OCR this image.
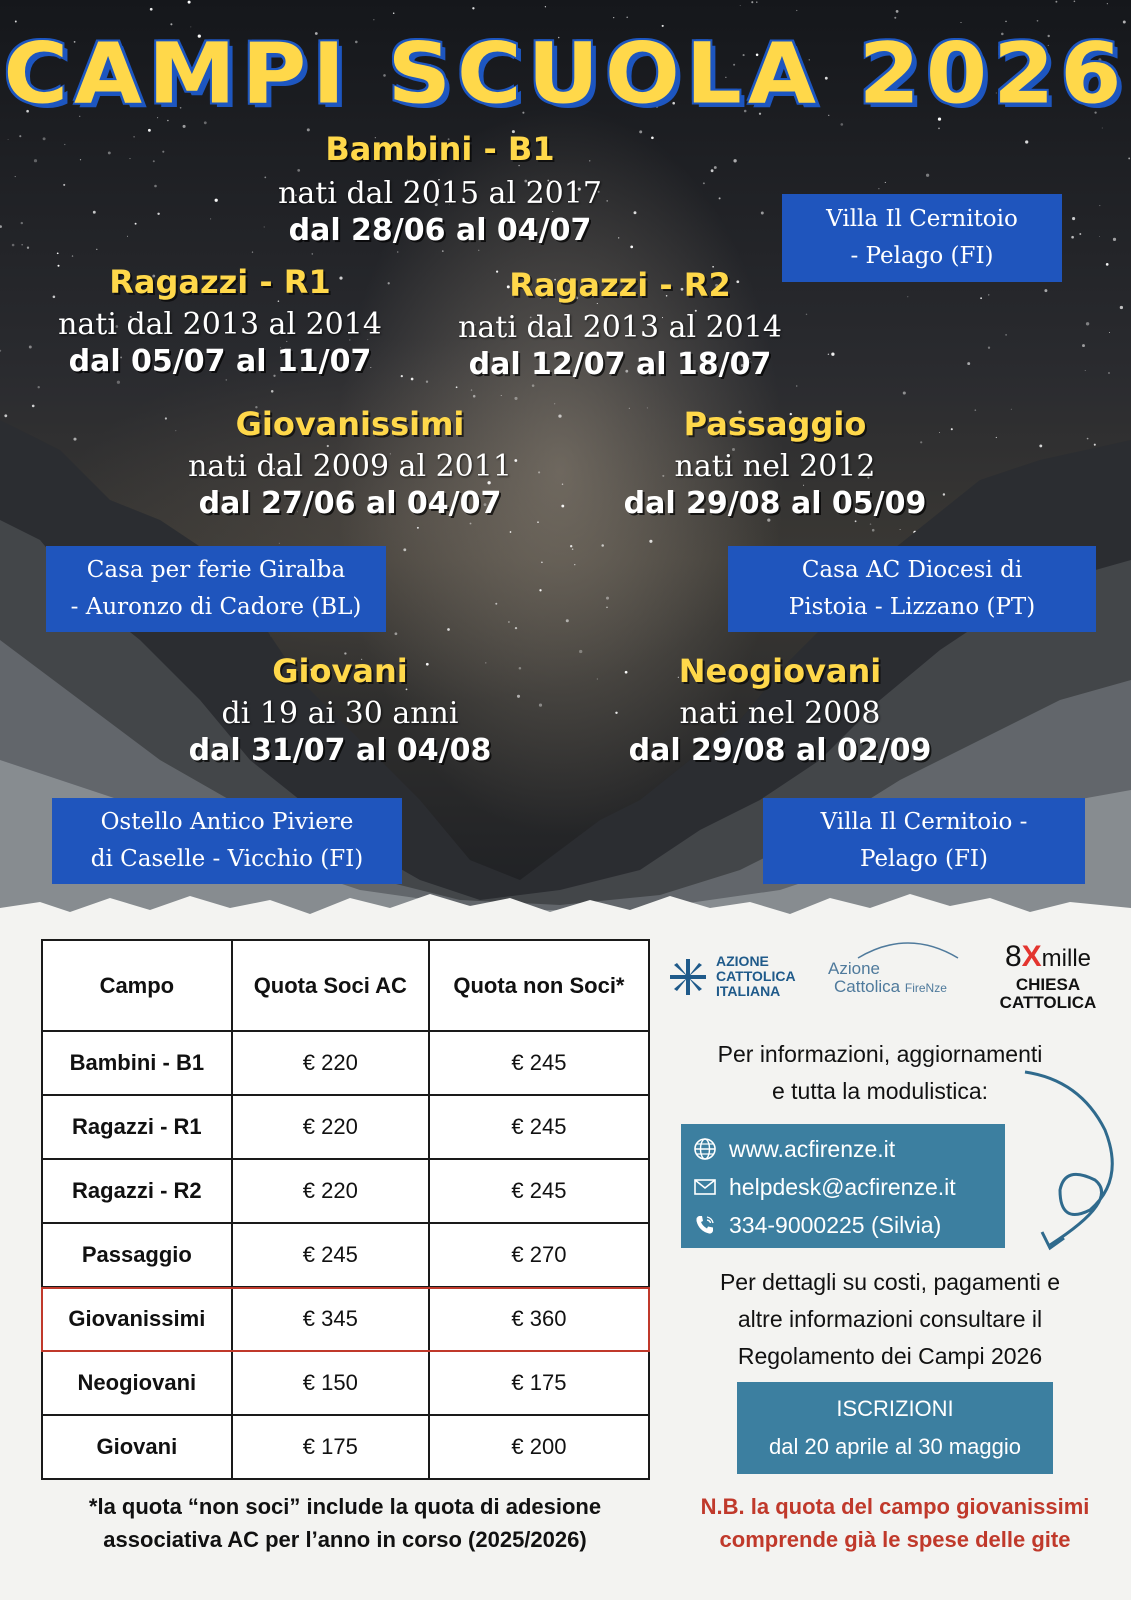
CAMPI SCUOLA 2026
Bambini - B1
nati dal 2015 al 2017
dal 28/06 al 04/07	Villa Il Cernitoio
- Pelago (FI)
Ragazzi - R1
nati dal 2013 al 2014
dal 05/07 al 11/07
Ragazzi - R2
nati dal 2013 al 2014
dal 12/07 al 18/07
Giovanissimi
nati dal 2009 al 2011
dal 27/06 al 04/07
Passaggio
nati nel 2012
dal 29/08 al 05/09
Casa per ferie Giralba
- Auronzo di Cadore (BL)
Casa AC Diocesi di
Pistoia - Lizzano (PT)
Giovani
di 19 ai 30 anni
dal 31/07 al 04/08
Neogiovani
nati nel 2008
dal 29/08 al 02/09
Ostello Antico Piviere
di Caselle - Vicchio (FI)
Villa Il Cernitoio -
Pelago (FI)
Campo	Quota Soci AC	Quota non Soci*
Bambini - B1	€ 220	€ 245
Ragazzi - R1	€ 220	€ 245
Ragazzi - R2	€ 220	€ 245
Passaggio	€ 245	€ 270
Giovanissimi	€ 345	€ 360
Neogiovani	€ 150	€ 175
Giovani	€ 175	€ 200
*la quota “non soci” include la quota di adesione
associativa AC per l’anno in corso (2025/2026)
N.B. la quota del campo giovanissimi
comprende già le spese delle gite
AZIONE
CATTOLICA
ITALIANA
Azione
Cattolica FireNze
8Xmille
CHIESA
CATTOLICA
Per informazioni, aggiornamenti
e tutta la modulistica:
www.acfirenze.it
helpdesk@acfirenze.it
334-9000225 (Silvia)
Per dettagli su costi, pagamenti e
altre informazioni consultare il
Regolamento dei Campi 2026
ISCRIZIONI
dal 20 aprile al 30 maggio
